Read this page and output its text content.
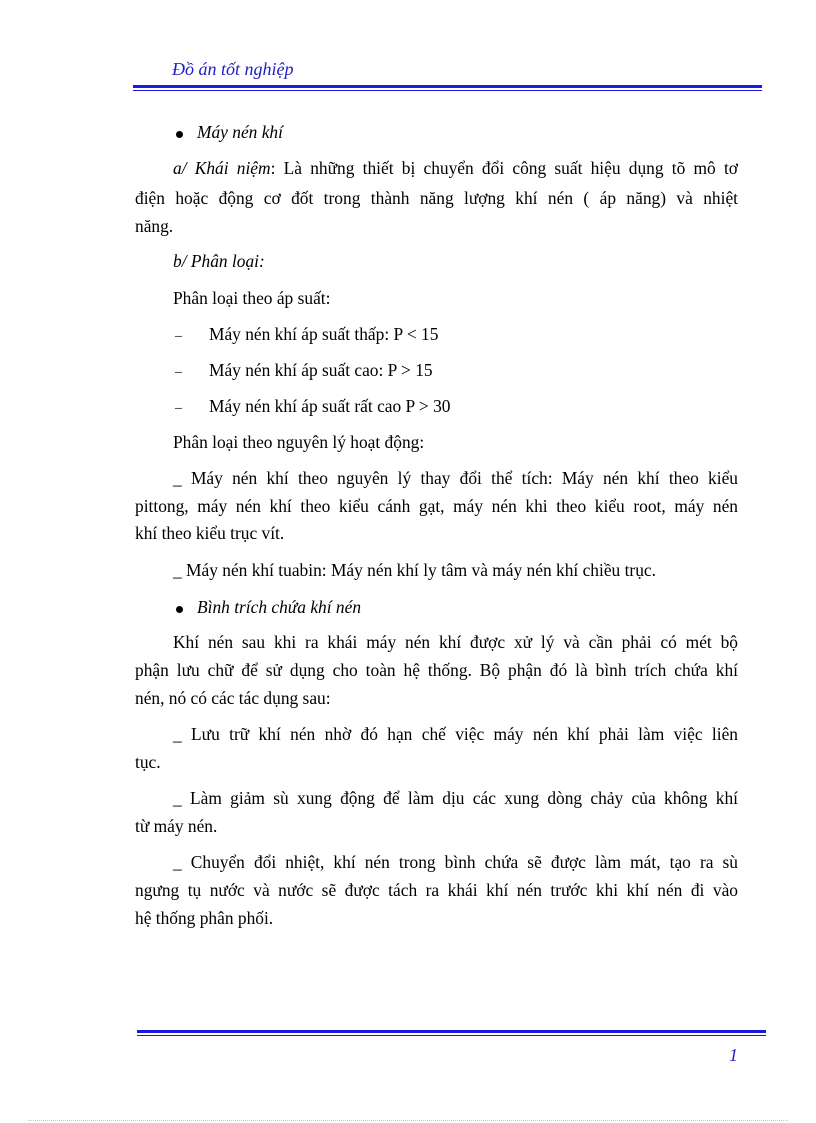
Đồ án tốt nghiệp
Máy nén khí
a/ Khái niệm: Là những thiết bị chuyển đổi công suất hiệu dụng tõ mô tơ
điện hoặc động cơ đốt trong thành năng lượng khí nén ( áp năng) và nhiệt
năng.
b/ Phân loại:
Phân loại theo áp suất:
_ Máy nén khí áp suất thấp: P < 15
_ Máy nén khí áp suất cao: P > 15
_ Máy nén khí áp suất rất cao P > 30
Phân loại theo nguyên lý hoạt động:
_ Máy nén khí theo nguyên lý thay đổi thể tích: Máy nén khí theo kiểu
pittong, máy nén khí theo kiểu cánh gạt, máy nén khi theo kiểu root, máy nén
khí theo kiểu trục vít.
_ Máy nén khí tuabin: Máy nén khí ly tâm và máy nén khí chiều trục.
Bình trích chứa khí nén
Khí nén sau khi ra khái máy nén khí được xử lý và cần phải có mét bộ
phận lưu chữ để sử dụng cho toàn hệ thống. Bộ phận đó là bình trích chứa khí
nén, nó có các tác dụng sau:
_ Lưu trữ khí nén nhờ đó hạn chế việc máy nén khí phải làm việc liên
tục.
_ Làm giảm sù xung động để làm dịu các xung dòng chảy của không khí
từ máy nén.
_ Chuyển đổi nhiệt, khí nén trong bình chứa sẽ được làm mát, tạo ra sù
ngưng tụ nước và nước sẽ được tách ra khái khí nén trước khi khí nén đi vào
hệ thống phân phối.
1
